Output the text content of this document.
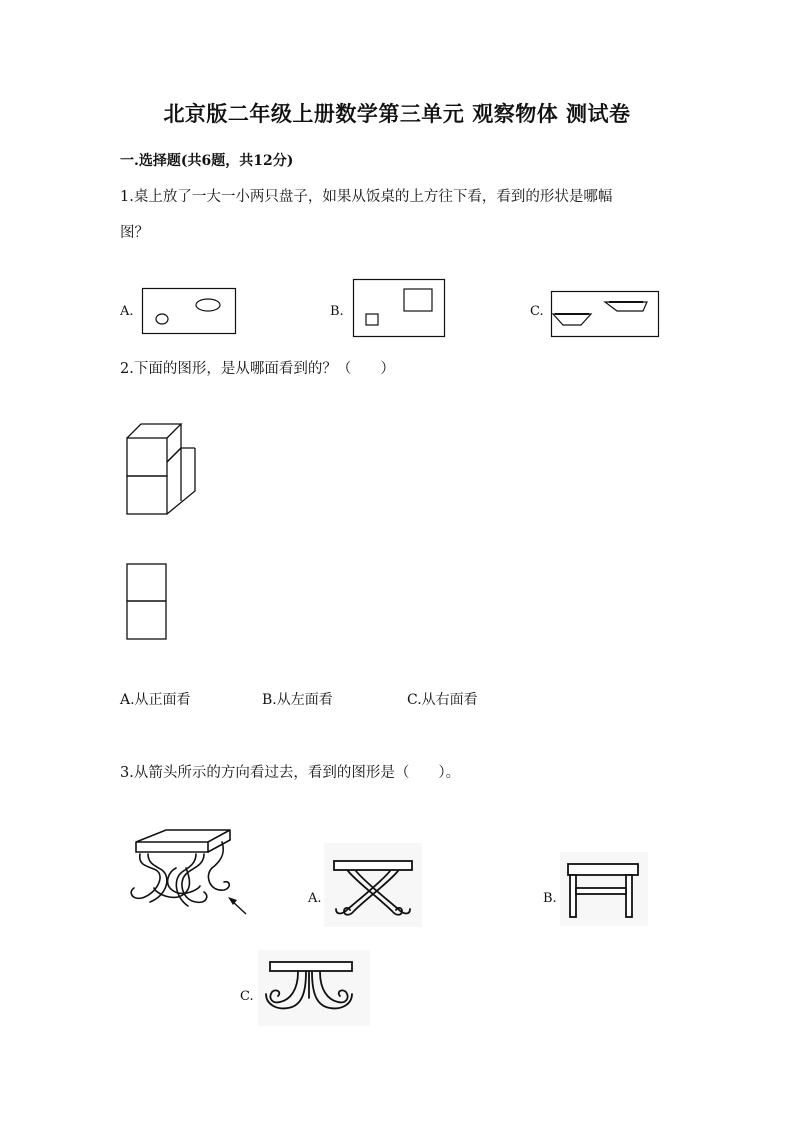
北京版二年级上册数学第三单元 观察物体 测试卷
一.选择题(共6题，共12分)
1.桌上放了一大一小两只盘子，如果从饭桌的上方往下看，看到的形状是哪幅
图？
A.	B.	C.
2.下面的图形，是从哪面看到的？（　　）
A.从正面看	B.从左面看	C.从右面看
3.从箭头所示的方向看过去，看到的图形是（　　）。
A.	B.
C.
